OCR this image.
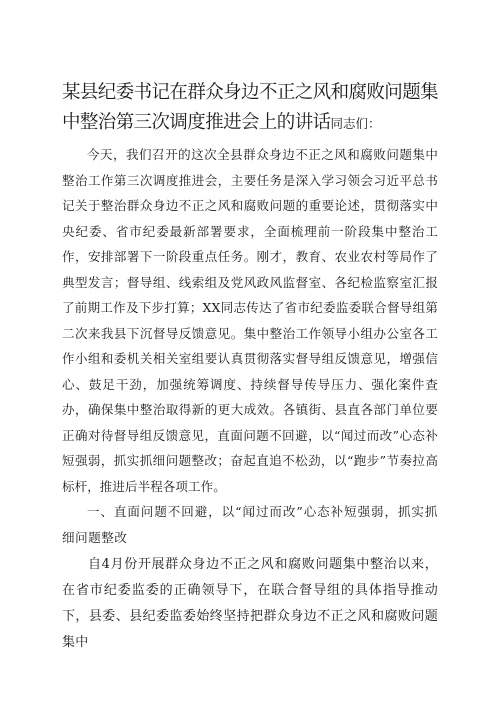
某县纪委书记在群众身边不正之风和腐败问题集中整治第三次调度推进会上的讲话同志们：

今天，我们召开的这次全县群众身边不正之风和腐败问题集中整治工作第三次调度推进会，主要任务是深入学习领会习近平总书记关于整治群众身边不正之风和腐败问题的重要论述，贯彻落实中央纪委、省市纪委最新部署要求，全面梳理前一阶段集中整治工作，安排部署下一阶段重点任务。刚才，教育、农业农村等局作了典型发言；督导组、线索组及党风政风监督室、各纪检监察室汇报了前期工作及下步打算；XX同志传达了省市纪委监委联合督导组第二次来我县下沉督导反馈意见。集中整治工作领导小组办公室各工作小组和委机关相关室组要认真贯彻落实督导组反馈意见，增强信心、鼓足干劲，加强统筹调度、持续督导传导压力、强化案件查办，确保集中整治取得新的更大成效。各镇街、县直各部门单位要正确对待督导组反馈意见，直面问题不回避，以“闻过而改”心态补短强弱，抓实抓细问题整改；奋起直追不松劲，以“跑步”节奏拉高标杆，推进后半程各项工作。

一、直面问题不回避，以“闻过而改”心态补短强弱，抓实抓细问题整改

自4月份开展群众身边不正之风和腐败问题集中整治以来，在省市纪委监委的正确领导下，在联合督导组的具体指导推动下，县委、县纪委监委始终坚持把群众身边不正之风和腐败问题集中
